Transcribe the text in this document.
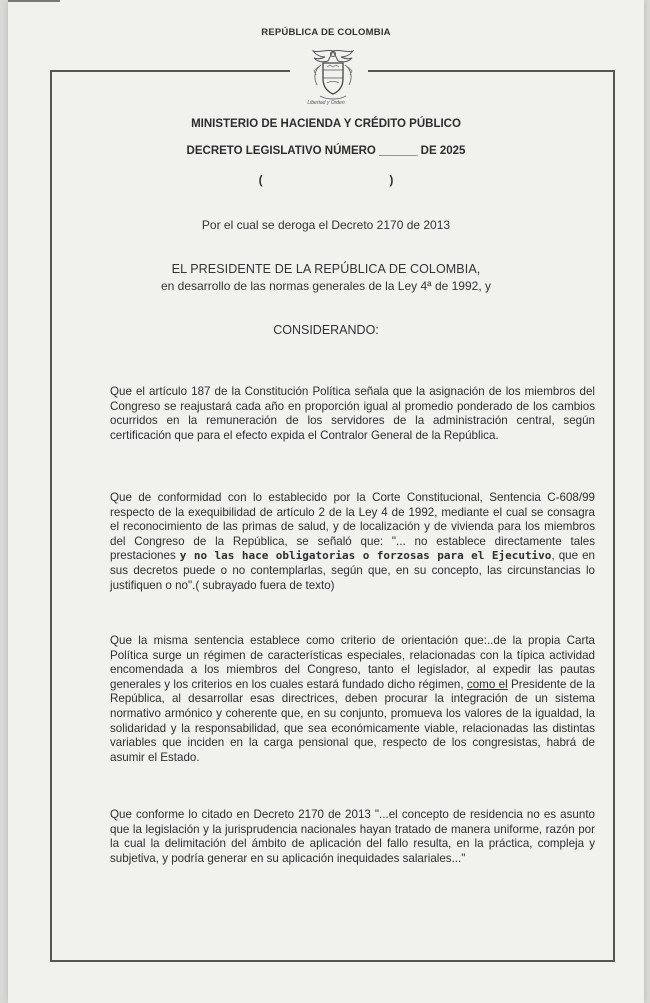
REPÚBLICA DE COLOMBIA
Libertad y Orden
MINISTERIO DE HACIENDA Y CRÉDITO PÚBLICO
DECRETO LEGISLATIVO NÚMERO ______ DE 2025
(	)
Por el cual se deroga el Decreto 2170 de 2013
EL PRESIDENTE DE LA REPÚBLICA DE COLOMBIA,
en desarrollo de las normas generales de la Ley 4ª de 1992, y
CONSIDERANDO:
Que el artículo 187 de la Constitución Política señala que la asignación de los miembros del Congreso se reajustará cada año en proporción igual al promedio ponderado de los cambios ocurridos en la remuneración de los servidores de la administración central, según certificación que para el efecto expida el Contralor General de la República.
Que de conformidad con lo establecido por la Corte Constitucional, Sentencia C-608/99 respecto de la exequibilidad de artículo 2 de la Ley 4 de 1992, mediante el cual se consagra el reconocimiento de las primas de salud, y de localización y de vivienda para los miembros del Congreso de la República, se señaló que: "... no establece directamente tales prestaciones y no las hace obligatorias o forzosas para el Ejecutivo, que en sus decretos puede o no contemplarlas, según que, en su concepto, las circunstancias lo justifiquen o no".( subrayado fuera de texto)
Que la misma sentencia establece como criterio de orientación que:..de la propia Carta Política surge un régimen de características especiales, relacionadas con la típica actividad encomendada a los miembros del Congreso, tanto el legislador, al expedir las pautas generales y los criterios en los cuales estará fundado dicho régimen, como el Presidente de la República, al desarrollar esas directrices, deben procurar la integración de un sistema normativo armónico y coherente que, en su conjunto, promueva los valores de la igualdad, la solidaridad y la responsabilidad, que sea económicamente viable, relacionadas las distintas variables que inciden en la carga pensional que, respecto de los congresistas, habrá de asumir el Estado.
Que conforme lo citado en Decreto 2170 de 2013 "...el concepto de residencia no es asunto que la legislación y la jurisprudencia nacionales hayan tratado de manera uniforme, razón por la cual la delimitación del ámbito de aplicación del fallo resulta, en la práctica, compleja y subjetiva, y podría generar en su aplicación inequidades salariales..."
